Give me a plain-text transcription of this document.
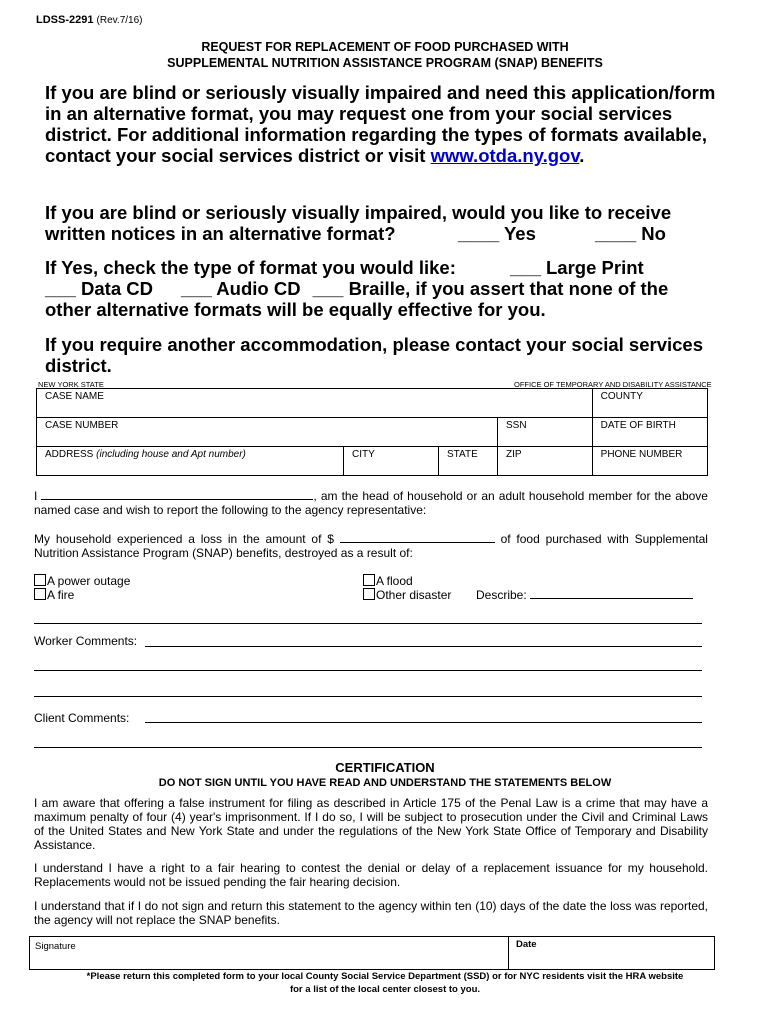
LDSS-2291 (Rev.7/16)
REQUEST FOR REPLACEMENT OF FOOD PURCHASED WITH
SUPPLEMENTAL NUTRITION ASSISTANCE PROGRAM (SNAP) BENEFITS
If you are blind or seriously visually impaired and need this application/form in an alternative format, you may request one from your social services district. For additional information regarding the types of formats available, contact your social services district or visit www.otda.ny.gov.
If you are blind or seriously visually impaired, would you like to receive
written notices in an alternative format?	____ Yes	____ No
If Yes, check the type of format you would like:	___ Large Print
___ Data CD ___ Audio CD ___ Braille, if you assert that none of the
other alternative formats will be equally effective for you.
If you require another accommodation, please contact your social services district.
NEW YORK STATE	OFFICE OF TEMPORARY AND DISABILITY ASSISTANCE
CASE NAME				COUNTY
CASE NUMBER			SSN	DATE OF BIRTH
ADDRESS (including house and Apt number)	CITY	STATE	ZIP	PHONE NUMBER
I	, am the head of household or an adult household member for the above named case and wish to report the following to the agency representative:
My household experienced a loss in the amount of $	of food purchased with Supplemental Nutrition Assistance Program (SNAP) benefits, destroyed as a result of:
A power outage
A fire
A flood
Other disaster Describe:
Worker Comments:
Client Comments:
CERTIFICATION
DO NOT SIGN UNTIL YOU HAVE READ AND UNDERSTAND THE STATEMENTS BELOW
I am aware that offering a false instrument for filing as described in Article 175 of the Penal Law is a crime that may have a maximum penalty of four (4) year's imprisonment. If I do so, I will be subject to prosecution under the Civil and Criminal Laws of the United States and New York State and under the regulations of the New York State Office of Temporary and Disability Assistance.
I understand I have a right to a fair hearing to contest the denial or delay of a replacement issuance for my household. Replacements would not be issued pending the fair hearing decision.
I understand that if I do not sign and return this statement to the agency within ten (10) days of the date the loss was reported, the agency will not replace the SNAP benefits.
Signature	Date
*Please return this completed form to your local County Social Service Department (SSD) or for NYC residents visit the HRA website
for a list of the local center closest to you.
